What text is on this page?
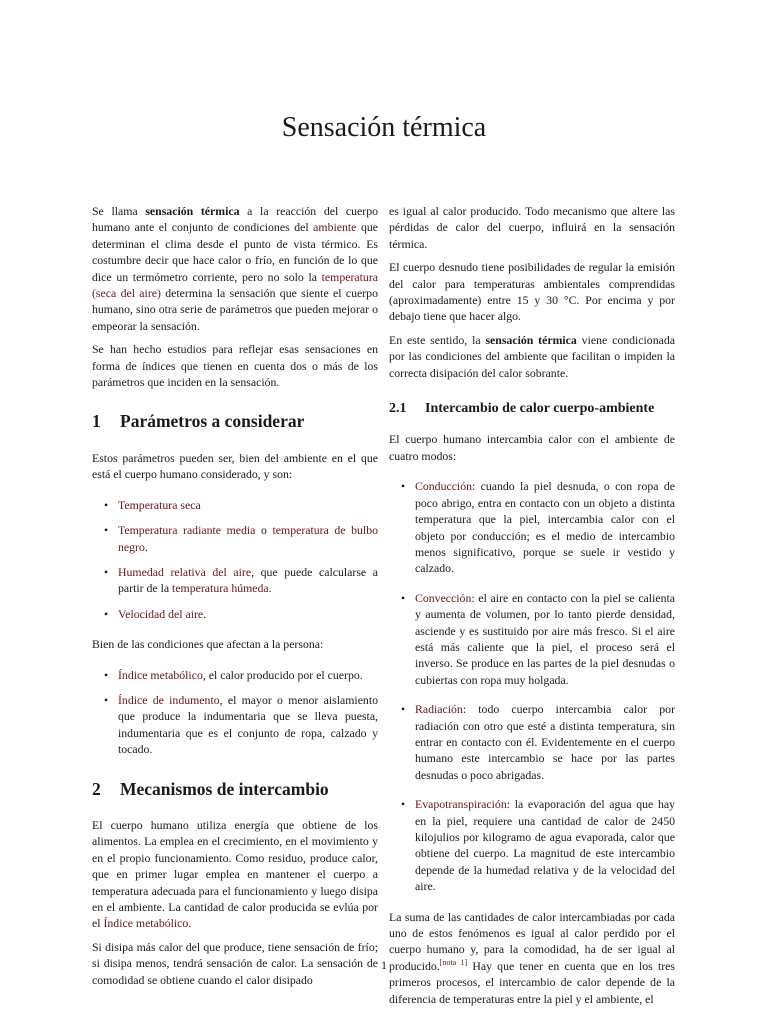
Sensación térmica

Se llama sensación térmica a la reacción del cuerpo humano ante el conjunto de condiciones del ambiente que determinan el clima desde el punto de vista térmico. Es costumbre decir que hace calor o frío, en función de lo que dice un termómetro corriente, pero no solo la temperatura (seca del aire) determina la sensación que siente el cuerpo humano, sino otra serie de parámetros que pueden mejorar o empeorar la sensación.

Se han hecho estudios para reflejar esas sensaciones en forma de índices que tienen en cuenta dos o más de los parámetros que inciden en la sensación.

1 Parámetros a considerar

Estos parámetros pueden ser, bien del ambiente en el que está el cuerpo humano considerado, y son:

• Temperatura seca
• Temperatura radiante media o temperatura de bulbo negro.
• Humedad relativa del aire, que puede calcularse a partir de la temperatura húmeda.
• Velocidad del aire.

Bien de las condiciones que afectan a la persona:

• Índice metabólico, el calor producido por el cuerpo.
• Índice de indumento, el mayor o menor aislamiento que produce la indumentaria que se lleva puesta, indumentaria que es el conjunto de ropa, calzado y tocado.
2 Mecanismos de intercambio

El cuerpo humano utiliza energía que obtiene de los alimentos. La emplea en el crecimiento, en el movimiento y en el propio funcionamiento. Como residuo, produce calor, que en primer lugar emplea en mantener el cuerpo a temperatura adecuada para el funcionamiento y luego disipa en el ambiente. La cantidad de calor producida se evlúa por el Índice metabólico.

Si disipa más calor del que produce, tiene sensación de frío; si disipa menos, tendrá sensación de calor. La sensación de comodidad se obtiene cuando el calor disipado

es igual al calor producido. Todo mecanismo que altere las pérdidas de calor del cuerpo, influirá en la sensación térmica.

El cuerpo desnudo tiene posibilidades de regular la emisión del calor para temperaturas ambientales comprendidas (aproximadamente) entre 15 y 30 °C. Por encima y por debajo tiene que hacer algo.

En este sentido, la sensación térmica viene condicionada por las condiciones del ambiente que facilitan o impiden la correcta disipación del calor sobrante.

2.1 Intercambio de calor cuerpo-ambiente

El cuerpo humano intercambia calor con el ambiente de cuatro modos:

• Conducción: cuando la piel desnuda, o con ropa de poco abrigo, entra en contacto con un objeto a distinta temperatura que la piel, intercambia calor con el objeto por conducción; es el medio de intercambio menos significativo, porque se suele ir vestido y calzado.
• Convección: el aire en contacto con la piel se calienta y aumenta de volumen, por lo tanto pierde densidad, asciende y es sustituido por aire más fresco. Si el aire está más caliente que la piel, el proceso será el inverso. Se produce en las partes de la piel desnudas o cubiertas con ropa muy holgada.
• Radiación: todo cuerpo intercambia calor por radiación con otro que esté a distinta temperatura, sin entrar en contacto con él. Evidentemente en el cuerpo humano este intercambio se hace por las partes desnudas o poco abrigadas.
• Evapotranspiración: la evaporación del agua que hay en la piel, requiere una cantidad de calor de 2450 kilojulios por kilogramo de agua evaporada, calor que obtiene del cuerpo. La magnitud de este intercambio depende de la humedad relativa y de la velocidad del aire.

La suma de las cantidades de calor intercambiadas por cada uno de estos fenómenos es igual al calor perdido por el cuerpo humano y, para la comodidad, ha de ser igual al producido.[nota 1] Hay que tener en cuenta que en los tres primeros procesos, el intercambio de calor depende de la diferencia de temperaturas entre la piel y el ambiente, el

1
